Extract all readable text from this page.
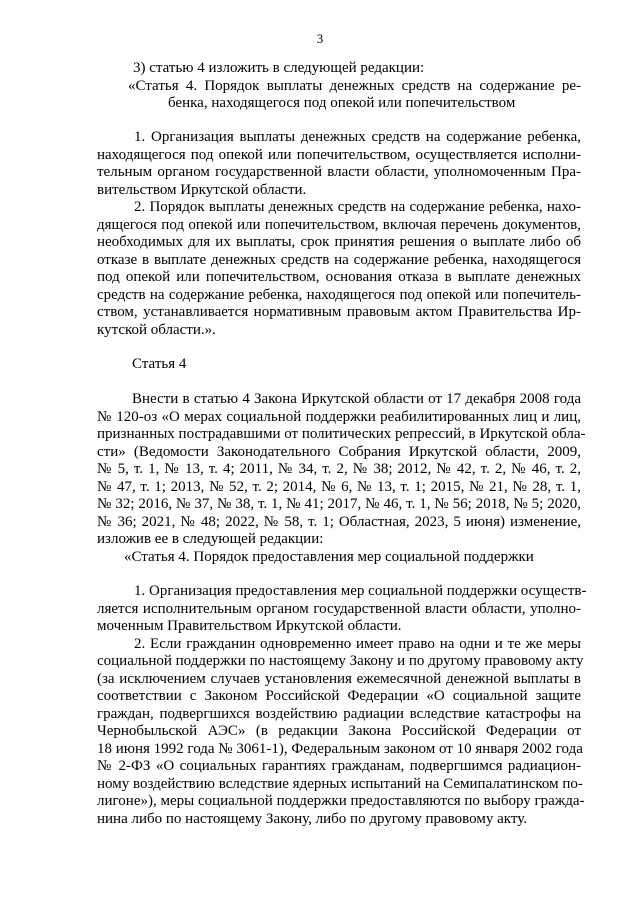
3

3) статью 4 изложить в следующей редакции:

«Статья 4. Порядок выплаты денежных средств на содержание ре-

бенка, находящегося под опекой или попечительством

1. Организация выплаты денежных средств на содержание ребенка,

находящегося под опекой или попечительством, осуществляется исполни-

тельным органом государственной власти области, уполномоченным Пра-

вительством Иркутской области.

2. Порядок выплаты денежных средств на содержание ребенка, нахо-

дящегося под опекой или попечительством, включая перечень документов,

необходимых для их выплаты, срок принятия решения о выплате либо об

отказе в выплате денежных средств на содержание ребенка, находящегося

под опекой или попечительством, основания отказа в выплате денежных

средств на содержание ребенка, находящегося под опекой или попечитель-

ством, устанавливается нормативным правовым актом Правительства Ир-

кутской области.».

Статья 4

Внести в статью 4 Закона Иркутской области от 17 декабря 2008 года

№ 120-оз «О мерах социальной поддержки реабилитированных лиц и лиц,

признанных пострадавшими от политических репрессий, в Иркутской обла-

сти» (Ведомости Законодательного Собрания Иркутской области, 2009,

№ 5, т. 1, № 13, т. 4; 2011, № 34, т. 2, № 38; 2012, № 42, т. 2, № 46, т. 2,

№ 47, т. 1; 2013, № 52, т. 2; 2014, № 6, № 13, т. 1; 2015, № 21, № 28, т. 1,

№ 32; 2016, № 37, № 38, т. 1, № 41; 2017, № 46, т. 1, № 56; 2018, № 5; 2020,

№ 36; 2021, № 48; 2022, № 58, т. 1; Областная, 2023, 5 июня) изменение,

изложив ее в следующей редакции:

«Статья 4. Порядок предоставления мер социальной поддержки

1. Организация предоставления мер социальной поддержки осуществ-

ляется исполнительным органом государственной власти области, уполно-

моченным Правительством Иркутской области.

2. Если гражданин одновременно имеет право на одни и те же меры

социальной поддержки по настоящему Закону и по другому правовому акту

(за исключением случаев установления ежемесячной денежной выплаты в

соответствии с Законом Российской Федерации «О социальной защите

граждан, подвергшихся воздействию радиации вследствие катастрофы на

Чернобыльской АЭС» (в редакции Закона Российской Федерации от

18 июня 1992 года № 3061-1), Федеральным законом от 10 января 2002 года

№ 2-ФЗ «О социальных гарантиях гражданам, подвергшимся радиацион-

ному воздействию вследствие ядерных испытаний на Семипалатинском по-

лигоне»), меры социальной поддержки предоставляются по выбору гражда-

нина либо по настоящему Закону, либо по другому правовому акту.
